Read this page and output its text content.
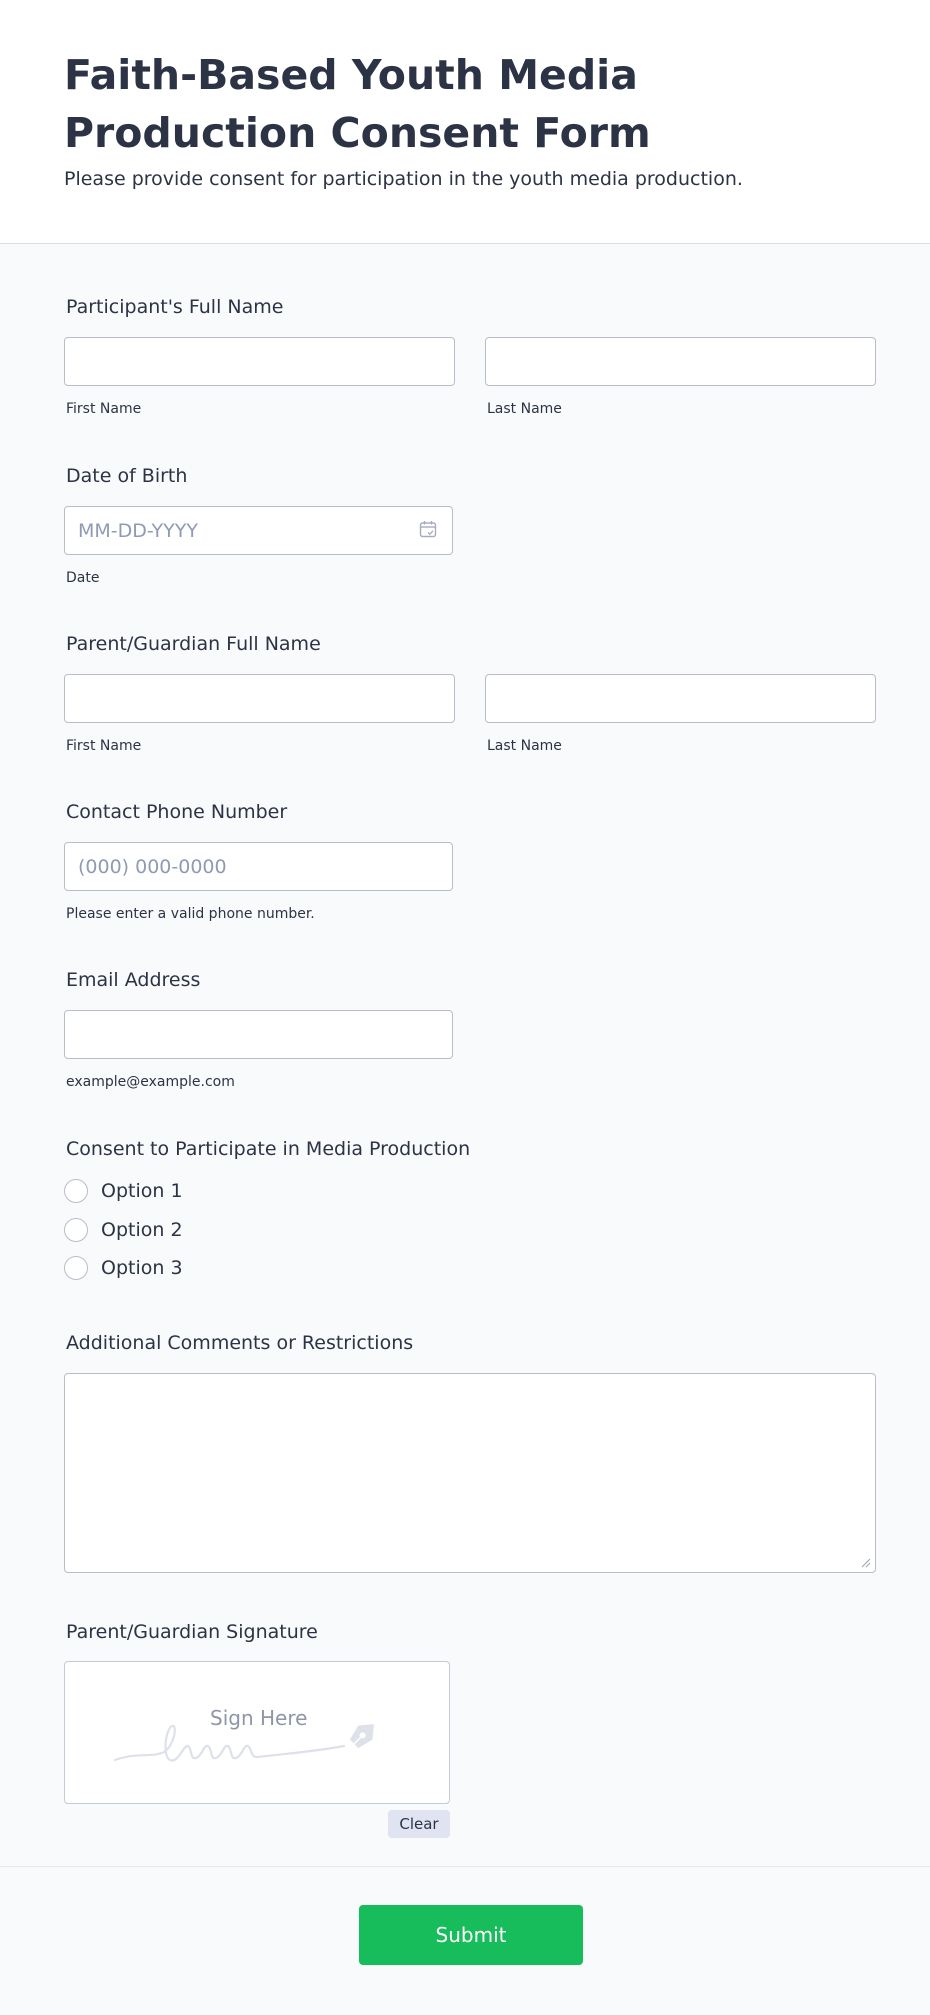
Faith-Based Youth Media Production Consent Form
Please provide consent for participation in the youth media production.
Participant's Full Name
First Name	Last Name
Date of Birth
MM-DD-YYYY
Date
Parent/Guardian Full Name
First Name	Last Name
Contact Phone Number
(000) 000-0000
Please enter a valid phone number.
Email Address
example@example.com
Consent to Participate in Media Production
Option 1
Option 2
Option 3
Additional Comments or Restrictions
Parent/Guardian Signature
Sign Here
Clear
Submit
